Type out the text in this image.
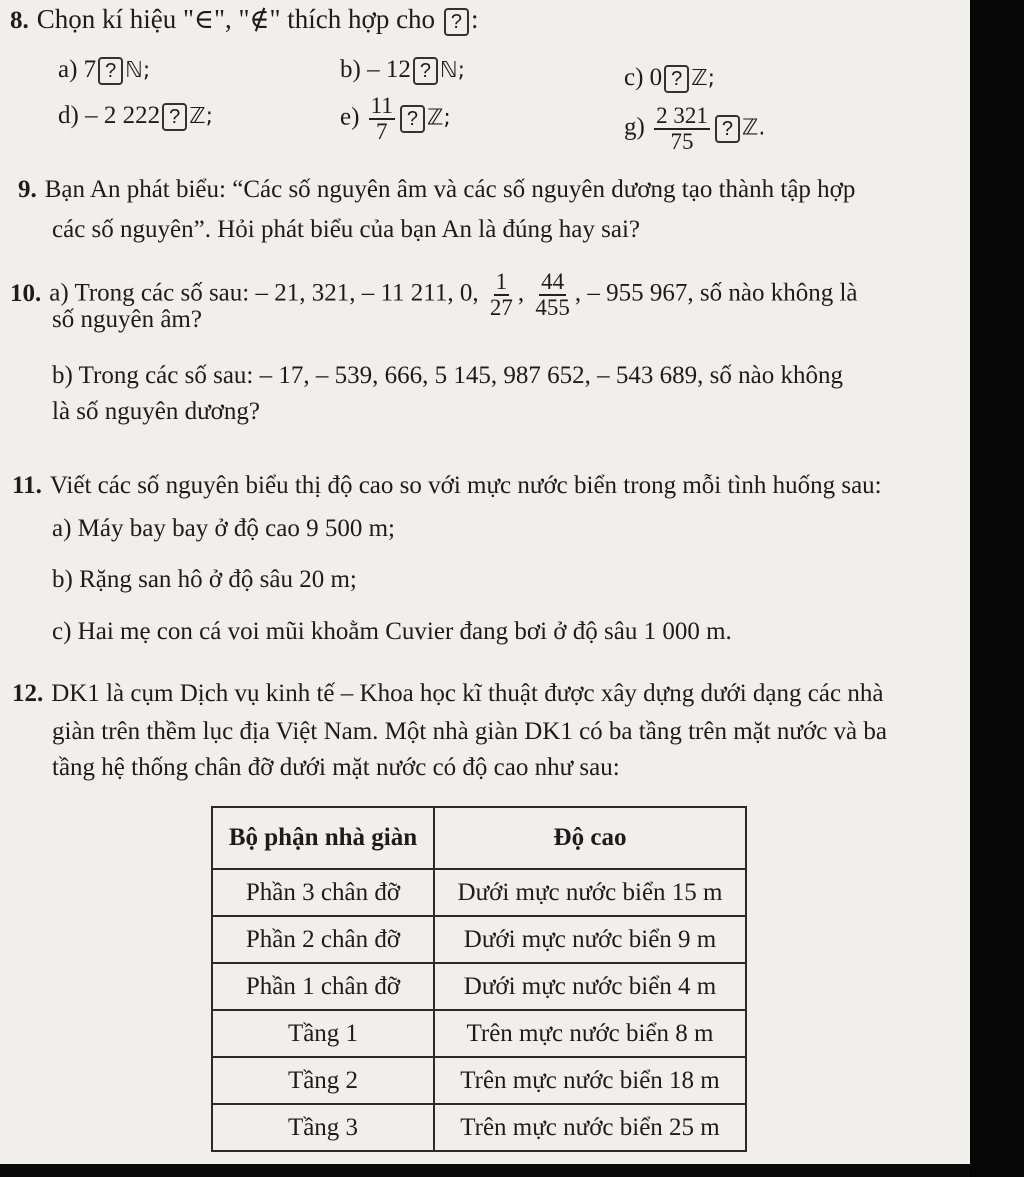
8. Chọn kí hiệu "∈", "∉" thích hợp cho ? :
a) 7 ? ℕ;	b) – 12 ? ℕ;	c) 0 ? ℤ;
d) – 2 222 ? ℤ;	$e) \frac{11}{7}$ ? ℤ;	$g) \frac{2 321}{75}$ ? ℤ.
9. Bạn An phát biểu: “Các số nguyên âm và các số nguyên dương tạo thành tập hợp
các số nguyên”. Hỏi phát biểu của bạn An là đúng hay sai?
10. a) Trong các số sau: – 21, 321, – 11 211, 0, $\frac{1}{27}$ , $\frac{44}{455}$ , – 955 967, số nào không là
số nguyên âm?
b) Trong các số sau: – 17, – 539, 666, 5 145, 987 652, – 543 689, số nào không
là số nguyên dương?
11. Viết các số nguyên biểu thị độ cao so với mực nước biển trong mỗi tình huống sau:
a) Máy bay bay ở độ cao 9 500 m;
b) Rặng san hô ở độ sâu 20 m;
c) Hai mẹ con cá voi mũi khoằm Cuvier đang bơi ở độ sâu 1 000 m.
12. DK1 là cụm Dịch vụ kinh tế – Khoa học kĩ thuật được xây dựng dưới dạng các nhà
giàn trên thềm lục địa Việt Nam. Một nhà giàn DK1 có ba tầng trên mặt nước và ba
tầng hệ thống chân đỡ dưới mặt nước có độ cao như sau:
Bộ phận nhà giàn	Độ cao
Phần 3 chân đỡ	Dưới mực nước biển 15 m
Phần 2 chân đỡ	Dưới mực nước biển 9 m
Phần 1 chân đỡ	Dưới mực nước biển 4 m
Tầng 1	Trên mực nước biển 8 m
Tầng 2	Trên mực nước biển 18 m
Tầng 3	Trên mực nước biển 25 m
